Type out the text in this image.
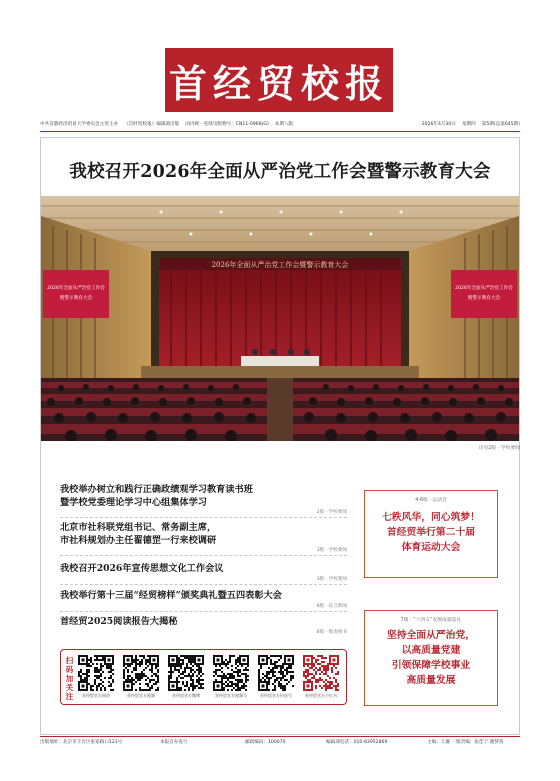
首经贸校报
中共首都经济贸易大学委员会主管主办 《首经贸校报》编辑部出版 国内统一连续出版物号：CN11-0968(G) 本期八版	2026年4月30日 星期四 第5期(总第645期)
我校召开2026年全面从严治党工作会暨警示教育大会
2026年全面从严治党工作会
暨警示教育大会
2026年全面从严治党工作会
暨警示教育大会
2026年全面从严治党工作会暨警示教育大会
详见2版 · 学校要闻
我校举办树立和践行正确政绩观学习教育读书班
暨学校党委理论学习中心组集体学习
2版 · 学校要闻
北京市社科联党组书记、常务副主席，
市社科规划办主任翟德罡一行来校调研
3版 · 学校要闻
我校召开2026年宣传思想文化工作会议
3版 · 学校要闻
我校举行第十三届“经贸榜样”颁奖典礼暨五四表彰大会
8版 · 综合新闻
首经贸2025阅读报告大揭秘
8版 · 数说图书
4-6版 · 运动会
七秩风华，同心筑梦！
首经贸举行第二十届
体育运动大会
7版 · “十四五”发展成就巡礼
坚持全面从严治党，
以高质量党建
引领保障学校事业
高质量发展
扫码加关注	首经贸官方网站	首经贸官方视频	首经贸官方微博	首经贸官方视频号	首经贸官方抖音号	首经贸官方小红书
出版地址：北京市丰台区张家路口121号	本报自办发行	邮政编码：100070	编辑部电话：010-83952869	主编：王璇 一版责编：张佳宁 谢梦茜
